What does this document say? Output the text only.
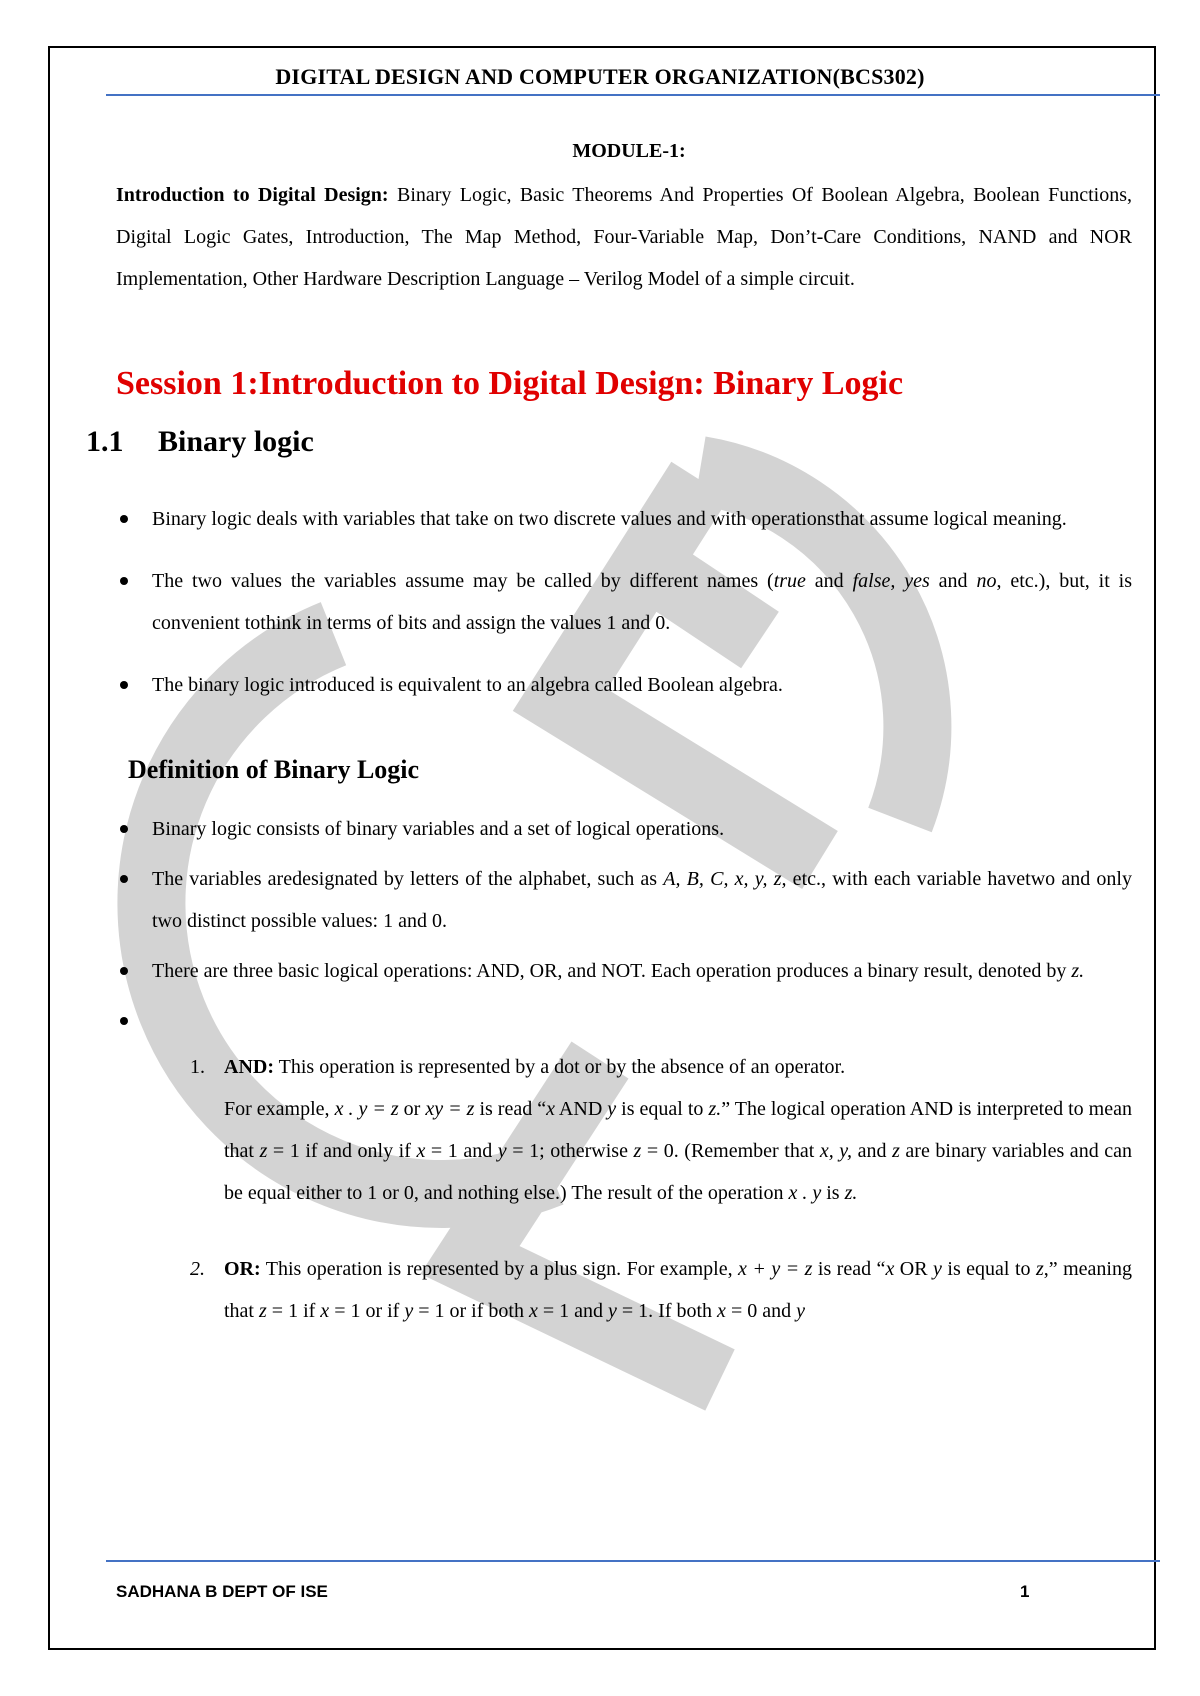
DIGITAL DESIGN AND COMPUTER ORGANIZATION(BCS302)
MODULE-1:
Introduction to Digital Design: Binary Logic, Basic Theorems And Properties Of Boolean Algebra, Boolean Functions, Digital Logic Gates, Introduction, The Map Method, Four-Variable Map, Don’t-Care Conditions, NAND and NOR Implementation, Other Hardware Description Language – Verilog Model of a simple circuit.
Session 1:Introduction to Digital Design: Binary Logic
1.1 Binary logic
Binary logic deals with variables that take on two discrete values and with operationsthat assume logical meaning.
The two values the variables assume may be called by different names (true and false, yes and no, etc.), but, it is convenient tothink in terms of bits and assign the values 1 and 0.
The binary logic introduced is equivalent to an algebra called Boolean algebra.
Definition of Binary Logic
Binary logic consists of binary variables and a set of logical operations.
The variables aredesignated by letters of the alphabet, such as A, B, C, x, y, z, etc., with each variable havetwo and only two distinct possible values: 1 and 0.
There are three basic logical operations: AND, OR, and NOT. Each operation produces a binary result, denoted by z.

1. AND: This operation is represented by a dot or by the absence of an operator.
For example, x . y = z or xy = z is read “x AND y is equal to z.” The logical operation AND is interpreted to mean that z = 1 if and only if x = 1 and y = 1; otherwise z = 0. (Remember that x, y, and z are binary variables and can be equal either to 1 or 0, and nothing else.) The result of the operation x . y is z.
2. OR: This operation is represented by a plus sign. For example, x + y = z is read “x OR y is equal to z,” meaning that z = 1 if x = 1 or if y = 1 or if both x = 1 and y = 1. If both x = 0 and y
SADHANA B DEPT OF ISE	1
